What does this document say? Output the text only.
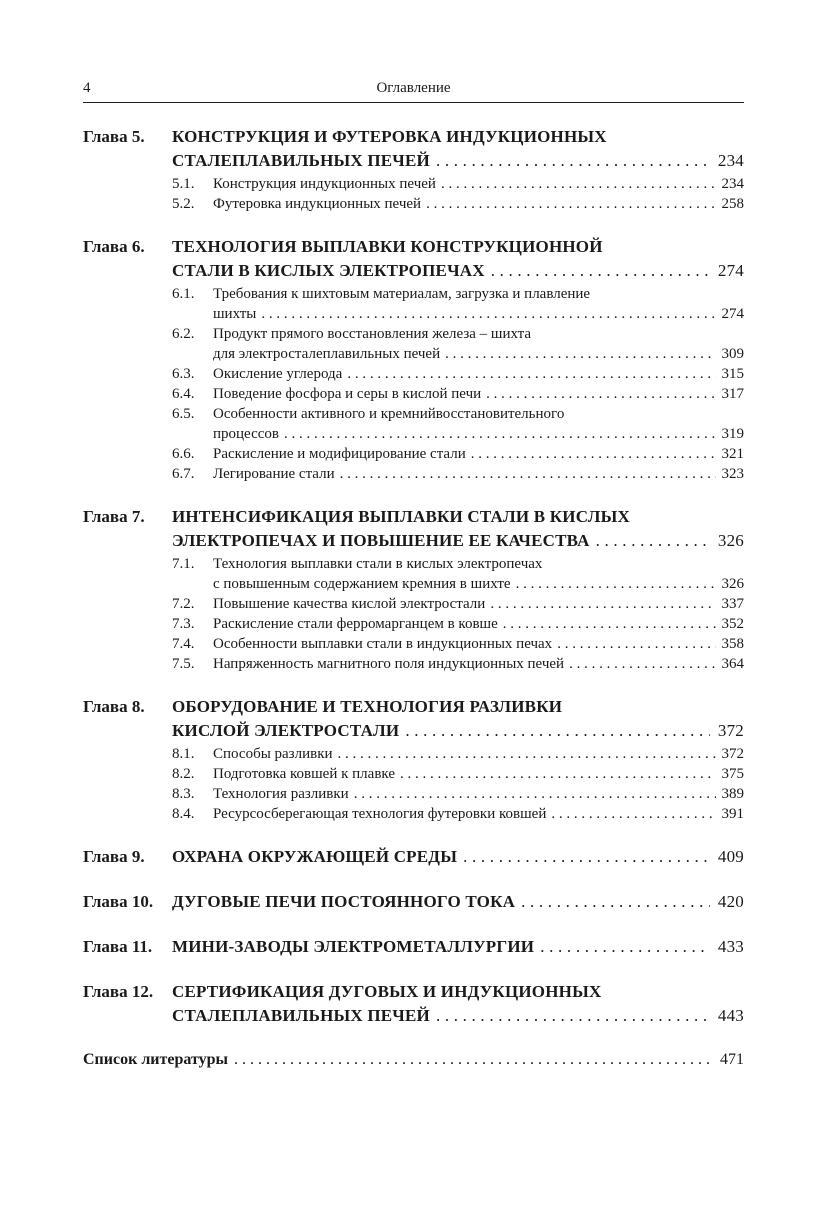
4	Оглавление
Глава 5. КОНСТРУКЦИЯ И ФУТЕРОВКА ИНДУКЦИОННЫХ
СТАЛЕПЛАВИЛЬНЫХ ПЕЧЕЙ . . .	234
5.1. Конструкция индукционных печей . . .	234
5.2. Футеровка индукционных печей . . .	258
Глава 6. ТЕХНОЛОГИЯ ВЫПЛАВКИ КОНСТРУКЦИОННОЙ
СТАЛИ В КИСЛЫХ ЭЛЕКТРОПЕЧАХ . . .	274
6.1. Требования к шихтовым материалам, загрузка и плавление
шихты . . .	274
6.2. Продукт прямого восстановления железа – шихта
для электросталеплавильных печей . . .	309
6.3. Окисление углерода . . .	315
6.4. Поведение фосфора и серы в кислой печи . . .	317
6.5. Особенности активного и кремнийвосстановительного
процессов . . .	319
6.6. Раскисление и модифицирование стали . . .	321
6.7. Легирование стали . . .	323
Глава 7. ИНТЕНСИФИКАЦИЯ ВЫПЛАВКИ СТАЛИ В КИСЛЫХ
ЭЛЕКТРОПЕЧАХ И ПОВЫШЕНИЕ ЕЕ КАЧЕСТВА . . .	326
7.1. Технология выплавки стали в кислых электропечах
с повышенным содержанием кремния в шихте . . .	326
7.2. Повышение качества кислой электростали . . .	337
7.3. Раскисление стали ферромарганцем в ковше . . .	352
7.4. Особенности выплавки стали в индукционных печах . . .	358
7.5. Напряженность магнитного поля индукционных печей . . .	364
Глава 8. ОБОРУДОВАНИЕ И ТЕХНОЛОГИЯ РАЗЛИВКИ
КИСЛОЙ ЭЛЕКТРОСТАЛИ . . .	372
8.1. Способы разливки . . .	372
8.2. Подготовка ковшей к плавке . . .	375
8.3. Технология разливки . . .	389
8.4. Ресурсосберегающая технология футеровки ковшей . . .	391
Глава 9. ОХРАНА ОКРУЖАЮЩЕЙ СРЕДЫ . . .	409
Глава 10. ДУГОВЫЕ ПЕЧИ ПОСТОЯННОГО ТОКА . . .	420
Глава 11. МИНИ-ЗАВОДЫ ЭЛЕКТРОМЕТАЛЛУРГИИ . . .	433
Глава 12. СЕРТИФИКАЦИЯ ДУГОВЫХ И ИНДУКЦИОННЫХ
СТАЛЕПЛАВИЛЬНЫХ ПЕЧЕЙ . . .	443
Список литературы . . .	471
